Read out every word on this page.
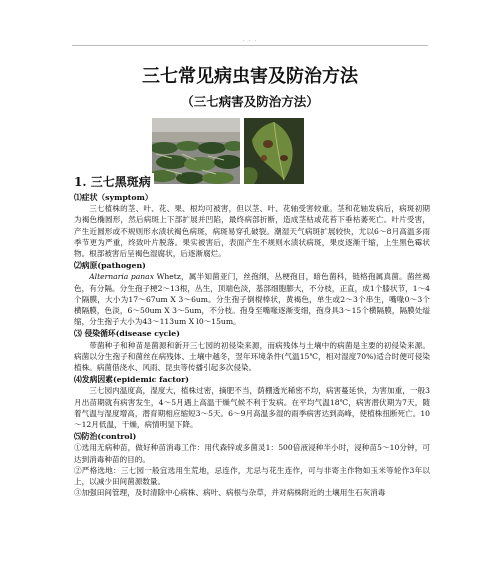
· · ·
三七常见病虫害及防治方法
（三七病害及防治方法）
1. 三七黑斑病

⑴症状（symptom）

三七植株的茎、叶、花、果、根均可被害，但以茎、叶、花轴受害较重。茎和花轴发病后，病斑初期为褐色椭圆形，然后病斑上下部扩展并凹陷，最终病部折断，造成茎枯或花苔下垂枯萎死亡。叶片受害，产生近圆形或不规则形水渍状褐色病斑，病斑易穿孔破裂。潮湿天气病斑扩展较快，尤以6～8月高温多雨季节更为严重，终致叶片脱落。果实被害后，表面产生不规则水渍状病斑，果皮逐渐干缩，上生黑色霉状物。根部被害后呈褐色湿腐状，后逐渐腐烂。

⑵病原(pathogen)

Alternaria panax Whetz，属半知菌亚门，丝孢纲，丛梗孢目，暗色菌科，链格孢属真菌。菌丝褐色，有分隔。分生孢子梗2～13根，丛生，顶端色淡，基部细胞膨大，不分枝，正直，成1个膝状节，1～4个隔膜，大小为17～67um X 3～6um。分生孢子倒棍棒状，黄褐色，单生或2～3个串生，嘴喙0～3个横隔膜，色淡，6～50um X 3～5um，不分枝。孢身至嘴喙逐渐变细，孢身具3～15个横隔膜，隔膜处缢缩，分生孢子大小为43～113um X l0～15um。

⑶ 侵染循环(disease cycle)

带菌种子和种苗是菌源和新开三七园的初侵染来源，而病残体与土壤中的病菌是主要的初侵染来源。病菌以分生孢子和菌丝在病残体、土壤中越冬，翌年环境条件(气温15℃，相对湿度70%)适合时便可侵染植株。病菌借浇水、风雨、昆虫等传播引起多次侵染。

⑷发病因素(epidemic factor)

三七园内温度高，湿度大，植株过密，摘肥不当，荫棚透光稀密不均，病害蔓延快，为害加重，一般3月出苗期就有病害发生，4～5月遇上高温干燥气候不利于发病。在平均气温18℃，病害潜伏期为7天，随着气温与湿度增高，潜育期相应缩短3～5天。6～9月高温多湿的雨季病害达到高峰，使植株扭断死亡。10～12月低温，干燥，病情明显下降。

⑸防治(control)

①选用无病种苗，做好种苗消毒工作：用代森锌或多菌灵1：500倍液浸种半小时，浸种苗5～10分钟，可达到消毒种苗的目的。

②严格选地：三七园一般宜选用生荒地，忌连作，尤忌与花生连作，可与非寄主作物如玉米等轮作3年以上，以减少田间菌源数量。

③加强田间管理，及时清除中心病株、病叶、病根与杂草，并对病株附近的土壤用生石灰消毒
